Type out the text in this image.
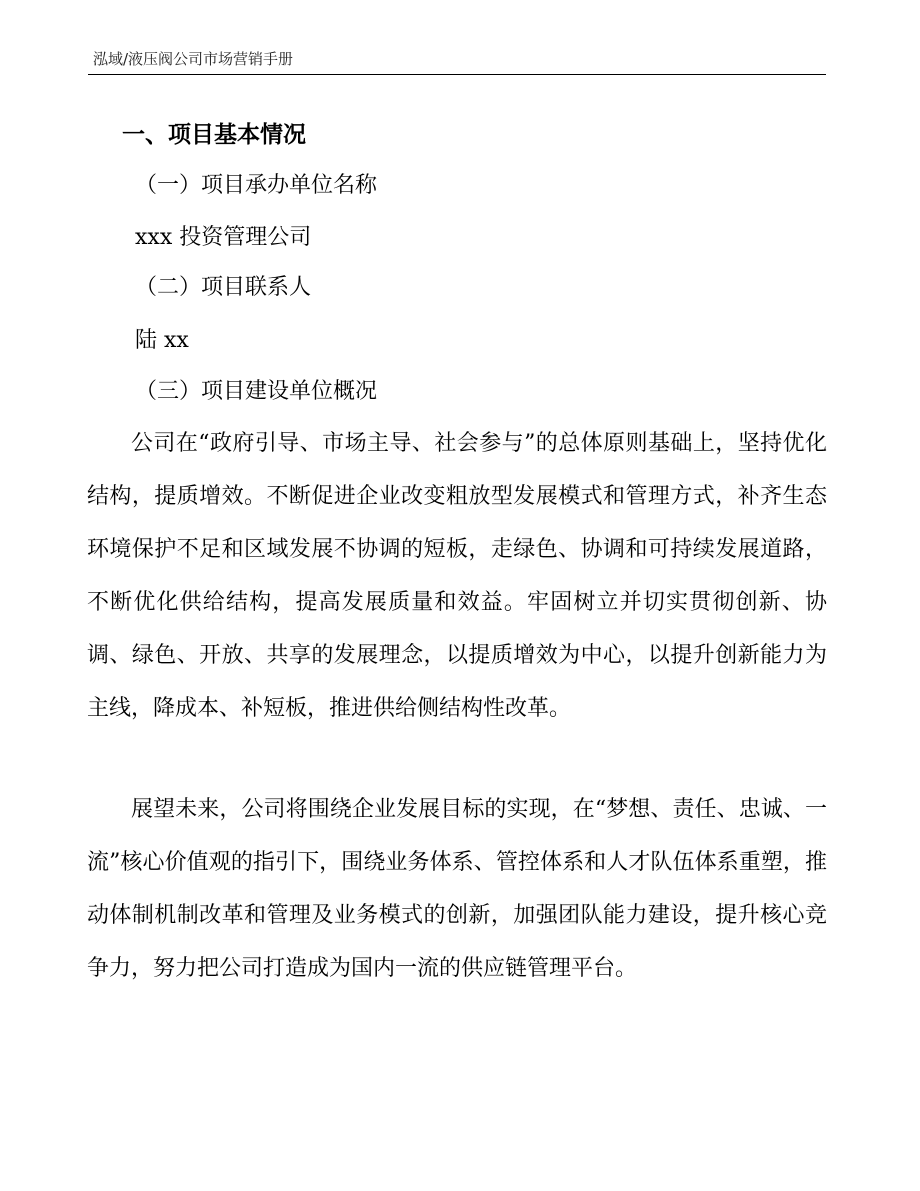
泓域/液压阀公司市场营销手册
一、项目基本情况
（一）项目承办单位名称
xxx 投资管理公司
（二）项目联系人
陆 xx
（三）项目建设单位概况

公司在“政府引导、市场主导、社会参与”的总体原则基础上，坚持优化结构，提质增效。不断促进企业改变粗放型发展模式和管理方式，补齐生态环境保护不足和区域发展不协调的短板，走绿色、协调和可持续发展道路，不断优化供给结构，提高发展质量和效益。牢固树立并切实贯彻创新、协调、绿色、开放、共享的发展理念，以提质增效为中心，以提升创新能力为主线，降成本、补短板，推进供给侧结构性改革。

展望未来，公司将围绕企业发展目标的实现，在“梦想、责任、忠诚、一流”核心价值观的指引下，围绕业务体系、管控体系和人才队伍体系重塑，推动体制机制改革和管理及业务模式的创新，加强团队能力建设，提升核心竞争力，努力把公司打造成为国内一流的供应链管理平台。
